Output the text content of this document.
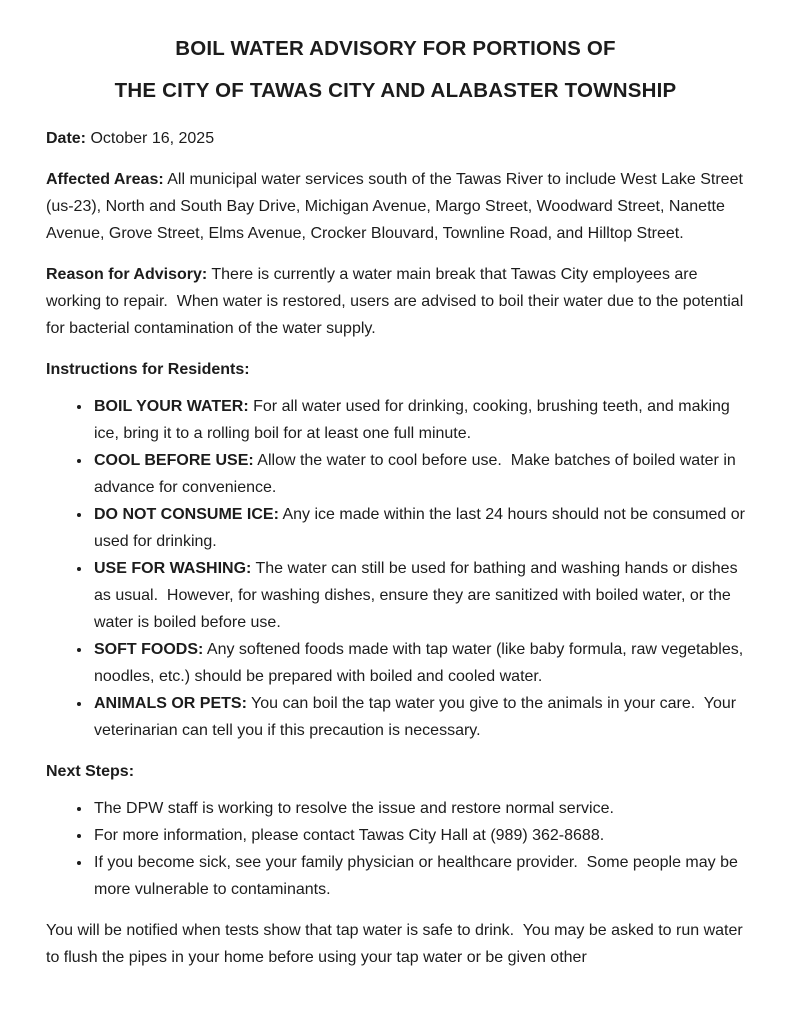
BOIL WATER ADVISORY FOR PORTIONS OF
THE CITY OF TAWAS CITY AND ALABASTER TOWNSHIP

Date: October 16, 2025

Affected Areas: All municipal water services south of the Tawas River to include West Lake Street (us-23), North and South Bay Drive, Michigan Avenue, Margo Street, Woodward Street, Nanette Avenue, Grove Street, Elms Avenue, Crocker Blouvard, Townline Road, and Hilltop Street.

Reason for Advisory: There is currently a water main break that Tawas City employees are working to repair.  When water is restored, users are advised to boil their water due to the potential for bacterial contamination of the water supply.

Instructions for Residents:

• BOIL YOUR WATER: For all water used for drinking, cooking, brushing teeth, and making ice, bring it to a rolling boil for at least one full minute.
• COOL BEFORE USE: Allow the water to cool before use.  Make batches of boiled water in advance for convenience.
• DO NOT CONSUME ICE: Any ice made within the last 24 hours should not be consumed or used for drinking.
• USE FOR WASHING: The water can still be used for bathing and washing hands or dishes as usual.  However, for washing dishes, ensure they are sanitized with boiled water, or the water is boiled before use.
• SOFT FOODS: Any softened foods made with tap water (like baby formula, raw vegetables, noodles, etc.) should be prepared with boiled and cooled water.
• ANIMALS OR PETS: You can boil the tap water you give to the animals in your care.  Your veterinarian can tell you if this precaution is necessary.

Next Steps:

• The DPW staff is working to resolve the issue and restore normal service.
• For more information, please contact Tawas City Hall at (989) 362-8688.
• If you become sick, see your family physician or healthcare provider.  Some people may be more vulnerable to contaminants.

You will be notified when tests show that tap water is safe to drink.  You may be asked to run water to flush the pipes in your home before using your tap water or be given other
